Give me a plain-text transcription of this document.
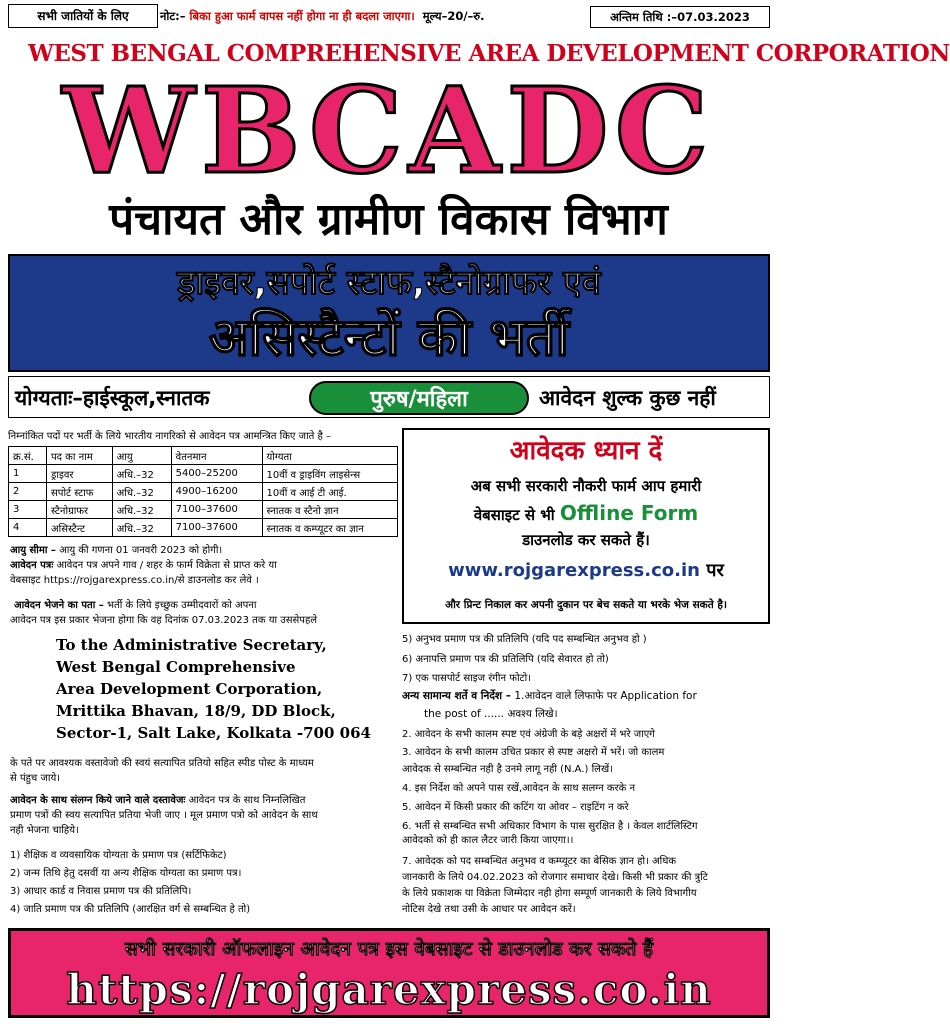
सभी जातियों के लिए	नोट:– बिका हुआ फार्म वापस नहीं होगा ना ही बदला जाएगा। मूल्य–20/–रु.	अन्तिम तिथि :–07.03.2023
WEST BENGAL COMPREHENSIVE AREA DEVELOPMENT CORPORATION
WBCADC
पंचायत और ग्रामीण विकास विभाग
ड्राइवर,सपोर्ट स्टाफ,स्टैनोग्राफर एवं
असिस्टैन्टों की भर्ती
योग्यताः–हाईस्कूल,स्नातक	पुरुष/महिला	आवेदन शुल्क कुछ नहीं
निम्नांकित पदों पर भर्ती के लिये भारतीय नागरिको से आवेदन पत्र आमन्त्रित किए जाते है –
क्र.सं.	पद का नाम	आयु	वेतनमान	योग्यता
1	ड्राइवर	अधि.–32	5400–25200	10वीं व ड्राइविंग लाइसेन्स
2	सपोर्ट स्टाफ	अधि.–32	4900–16200	10वीं व आई टी आई.
3	स्टैनोग्राफर	अधि.–32	7100–37600	स्नातक व स्टैनो ज्ञान
4	असिस्टैन्ट	अधि.–32	7100–37600	स्नातक व कम्प्यूटर का ज्ञान
आवेदक ध्यान दें
अब सभी सरकारी नौकरी फार्म आप हमारी
वेबसाइट से भी Offline Form
डाउनलोड कर सकते हैं।
www.rojgarexpress.co.in पर
और प्रिन्ट निकाल कर अपनी दुकान पर बेच सकते या भरके भेज सकते है।
आयु सीमा – आयु की गणना 01 जनवरी 2023 को होगी।
आवेदन पत्रः आवेदन पत्र अपने गाव / शहर के फार्म विक्रेता से प्राप्त करे या
वेबसाइट https://rojgarexpress.co.in/से डाउनलोड कर लेवे ।
आवेदन भेजने का पता – भर्ती के लिये इच्छुक उम्मीदवारों को अपना
आवेदन पत्र इस प्रकार भेजना होगा कि वह दिनांक 07.03.2023 तक या उससेपहले
To the Administrative Secretary,
West Bengal Comprehensive
Area Development Corporation,
Mrittika Bhavan, 18/9, DD Block,
Sector-1, Salt Lake, Kolkata -700 064
के पते पर आवश्यक वस्तावेजो की स्वयं सत्यापित प्रतियो सहित स्पीड पोस्ट के माध्यम
से पंहुच जाये।
आवेदन के साथ संलग्न किये जाने वाले दस्तावेजः आवेदन पत्र के साथ निम्नलिखित
प्रमाण पत्रों की स्वय सत्यापित प्रतिया भेजी जाए । मूल प्रमाण पत्रो को आवेदन के साथ
नही भेजना चाहिये।
1) शैक्षिक व व्यवसायिक योग्यता के प्रमाण पत्र (सर्टिफिकेट)
2) जन्म तिथि हेतु दसवीं या अन्य शैक्षिक योग्यता का प्रमाण पत्र।
3) आधार कार्ड व निवास प्रमाण पत्र की प्रतिलिपि।
4) जाति प्रमाण पत्र की प्रतिलिपि (आरक्षित वर्ग से सम्बन्धित हे तो)
5) अनुभव प्रमाण पत्र की प्रतिलिपि (यदि पद सम्बन्धित अनुभव हो )
6) अनापत्ति प्रमाण पत्र की प्रतिलिपि (यदि सेवारत हो तो)
7) एक पासपोर्ट साइज रंगीन फोटो।
अन्य सामान्य शर्ते व निर्देश – 1.आवेदन वाले लिफाफे पर Application for
the post of ...... अवश्य लिखे।
2. आवेदन के सभी कालम स्पष्ट एवं अंग्रेजी के बड़े अक्षरों में भरे जाएगे
3. आवेदन के सभी कालम उचित प्रकार से स्पष्ट अक्षरो में भरें। जो कालम
आवेदक से सम्बन्धित नही है उनमे लागू नही (N.A.) लिखें।
4. इस निर्देश को अपने पास रखें,आवेदन के साथ सलग्न करके न
5. आवेदन में किसी प्रकार की कटिंग या ओवर – राइटिंग न करे
6. भर्ती से सम्बन्धित सभी अधिकार विभाग के पास सुरक्षित है । केवल शार्टलिस्टिग
आवेदको को ही काल लैटर जारी किया जाएगा।।
7. आवेदक को पद सम्बन्धित अनुभव व कम्प्यूटर का बेसिक ज्ञान हो। अधिक
जानकारी के लिये 04.02.2023 को रोजगार समाचार देखे। किसी भी प्रकार की त्रुटि
के लिये प्रकाशक या विक्रेता जिम्मेदार नही होगा सम्पूर्ण जानकारी के लिये विभागीय
नोटिस देखे तथा उसी के आधार पर आवेदन करें।
सभी सरकारी ऑफलाइन आवेदन पत्र इस वेबसाइट से डाउनलोड कर सकते हैं
https://rojgarexpress.co.in
